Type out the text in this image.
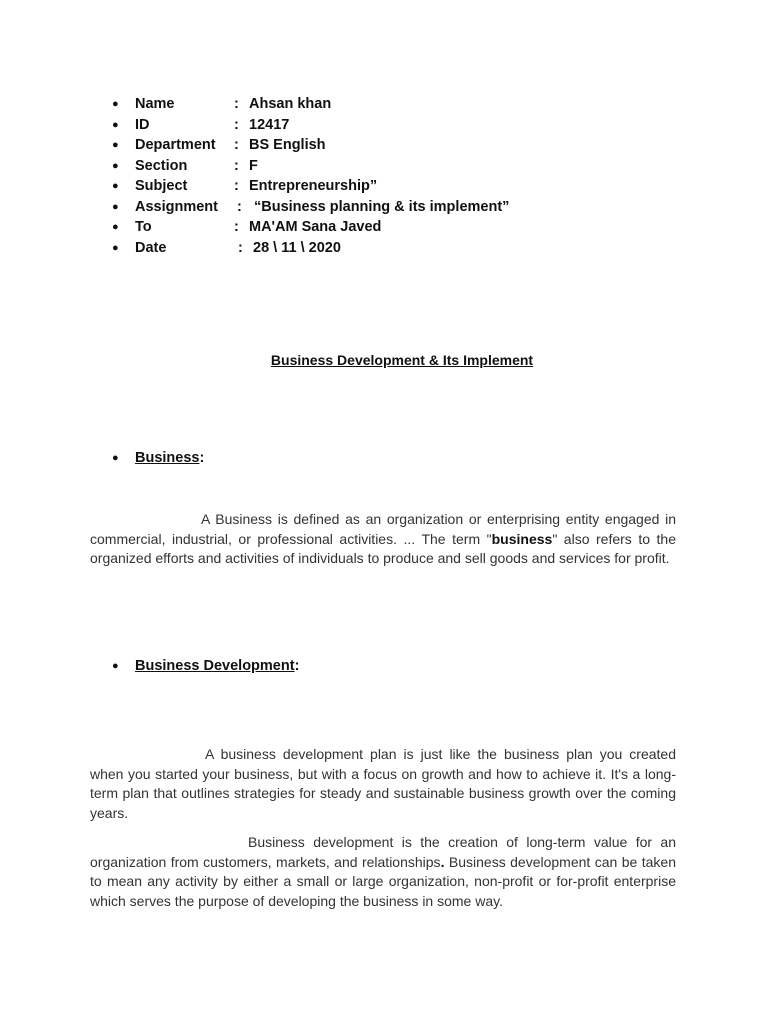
● Name	: Ahsan khan
● ID	: 12417
● Department : BS English
● Section	: F
● Subject	: Entrepreneurship”
● Assignment : “Business planning & its implement”
● To	: MA'AM Sana Javed
● Date	: 28 \ 11 \ 2020
Business Development & Its Implement
● Business:

A Business is defined as an organization or enterprising entity engaged in commercial, industrial, or professional activities. ... The term "business" also refers to the organized efforts and activities of individuals to produce and sell goods and services for profit.

● Business Development:

A business development plan is just like the business plan you created when you started your business, but with a focus on growth and how to achieve it. It's a long-term plan that outlines strategies for steady and sustainable business growth over the coming years.

Business development is the creation of long-term value for an organization from customers, markets, and relationships. Business development can be taken to mean any activity by either a small or large organization, non-profit or for-profit enterprise which serves the purpose of developing the business in some way.
